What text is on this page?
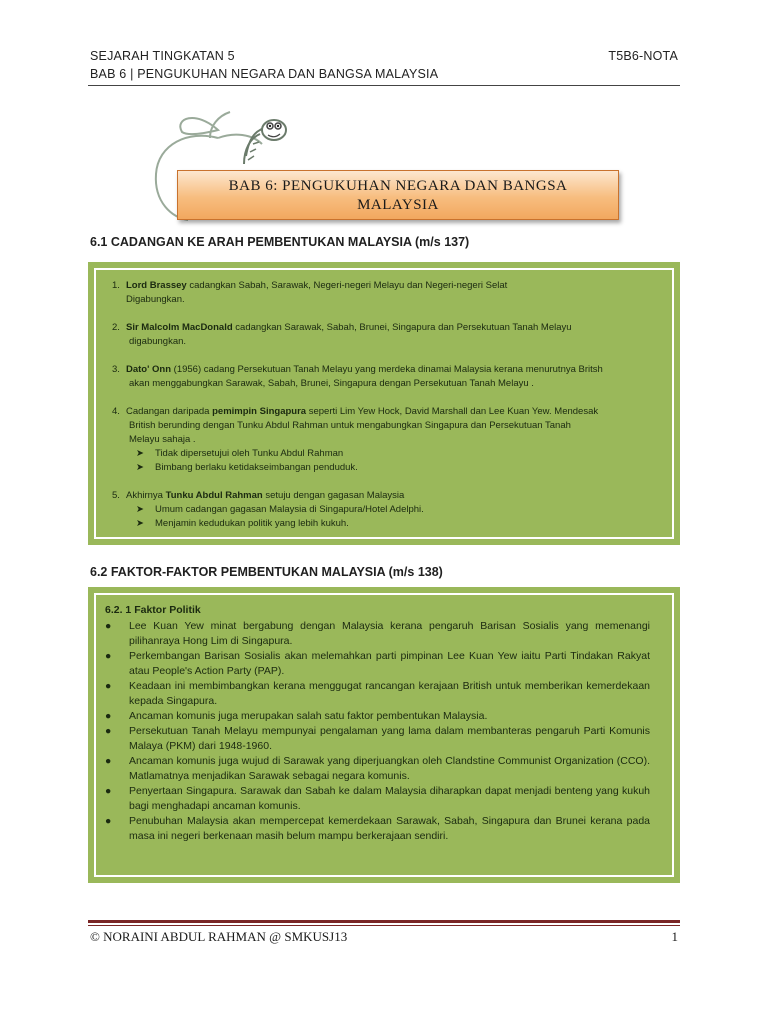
SEJARAH TINGKATAN 5	T5B6-NOTA
BAB 6 | PENGUKUHAN NEGARA DAN BANGSA MALAYSIA
BAB 6: PENGUKUHAN NEGARA DAN BANGSA
MALAYSIA
6.1 CADANGAN KE ARAH PEMBENTUKAN MALAYSIA (m/s 137)
1. Lord Brassey cadangkan Sabah, Sarawak, Negeri-negeri Melayu dan Negeri-negeri Selat
Digabungkan.
2. Sir Malcolm MacDonald cadangkan Sarawak, Sabah, Brunei, Singapura dan Persekutuan Tanah Melayu
digabungkan.
3. Dato' Onn (1956) cadang Persekutuan Tanah Melayu yang merdeka dinamai Malaysia kerana menurutnya Britsh
akan menggabungkan Sarawak, Sabah, Brunei, Singapura dengan Persekutuan Tanah Melayu .
4. Cadangan daripada pemimpin Singapura seperti Lim Yew Hock, David Marshall dan Lee Kuan Yew. Mendesak
British berunding dengan Tunku Abdul Rahman untuk mengabungkan Singapura dan Persekutuan Tanah
Melayu sahaja .
➤ Tidak dipersetujui oleh Tunku Abdul Rahman
➤ Bimbang berlaku ketidakseimbangan penduduk.
5. Akhirnya Tunku Abdul Rahman setuju dengan gagasan Malaysia
➤ Umum cadangan gagasan Malaysia di Singapura/Hotel Adelphi.
➤ Menjamin kedudukan politik yang lebih kukuh.
6.2 FAKTOR-FAKTOR PEMBENTUKAN MALAYSIA (m/s 138)
6.2. 1 Faktor Politik
● Lee Kuan Yew minat bergabung dengan Malaysia kerana pengaruh Barisan Sosialis yang memenangi pilihanraya Hong Lim di Singapura.
● Perkembangan Barisan Sosialis akan melemahkan parti pimpinan Lee Kuan Yew iaitu Parti Tindakan Rakyat atau People's Action Party (PAP).
● Keadaan ini membimbangkan kerana menggugat rancangan kerajaan British untuk memberikan kemerdekaan kepada Singapura.
● Ancaman komunis juga merupakan salah satu faktor pembentukan Malaysia.
● Persekutuan Tanah Melayu mempunyai pengalaman yang lama dalam membanteras pengaruh Parti Komunis Malaya (PKM) dari 1948-1960.
● Ancaman komunis juga wujud di Sarawak yang diperjuangkan oleh Clandstine Communist Organization (CCO). Matlamatnya menjadikan Sarawak sebagai negara komunis.
● Penyertaan Singapura. Sarawak dan Sabah ke dalam Malaysia diharapkan dapat menjadi benteng yang kukuh bagi menghadapi ancaman komunis.
● Penubuhan Malaysia akan mempercepat kemerdekaan Sarawak, Sabah, Singapura dan Brunei kerana pada masa ini negeri berkenaan masih belum mampu berkerajaan sendiri.
© NORAINI ABDUL RAHMAN @ SMKUSJ13	1
